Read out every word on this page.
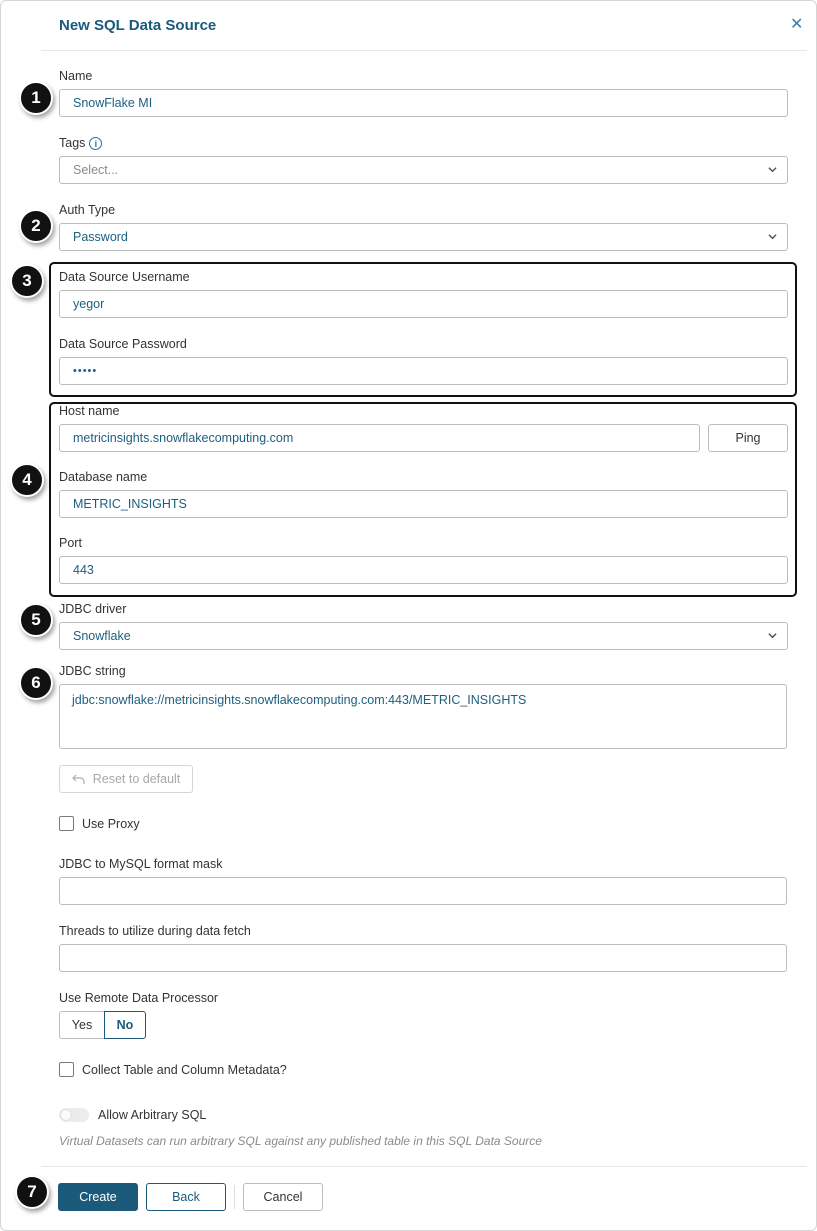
New SQL Data Source	✕
Name
SnowFlake MI
Tags i
Select...
Auth Type
Password
Data Source Username
yegor
Data Source Password
•••••
Host name
metricinsights.snowflakecomputing.com	Ping
Database name
METRIC_INSIGHTS
Port
443
JDBC driver
Snowflake
JDBC string
jdbc:snowflake://metricinsights.snowflakecomputing.com:443/METRIC_INSIGHTS
Reset to default
Use Proxy
JDBC to MySQL format mask
Threads to utilize during data fetch
Use Remote Data Processor
Yes	No
Collect Table and Column Metadata?
Allow Arbitrary SQL
Virtual Datasets can run arbitrary SQL against any published table in this SQL Data Source
Create	Back	Cancel
1
2
3
4
5
6
7
